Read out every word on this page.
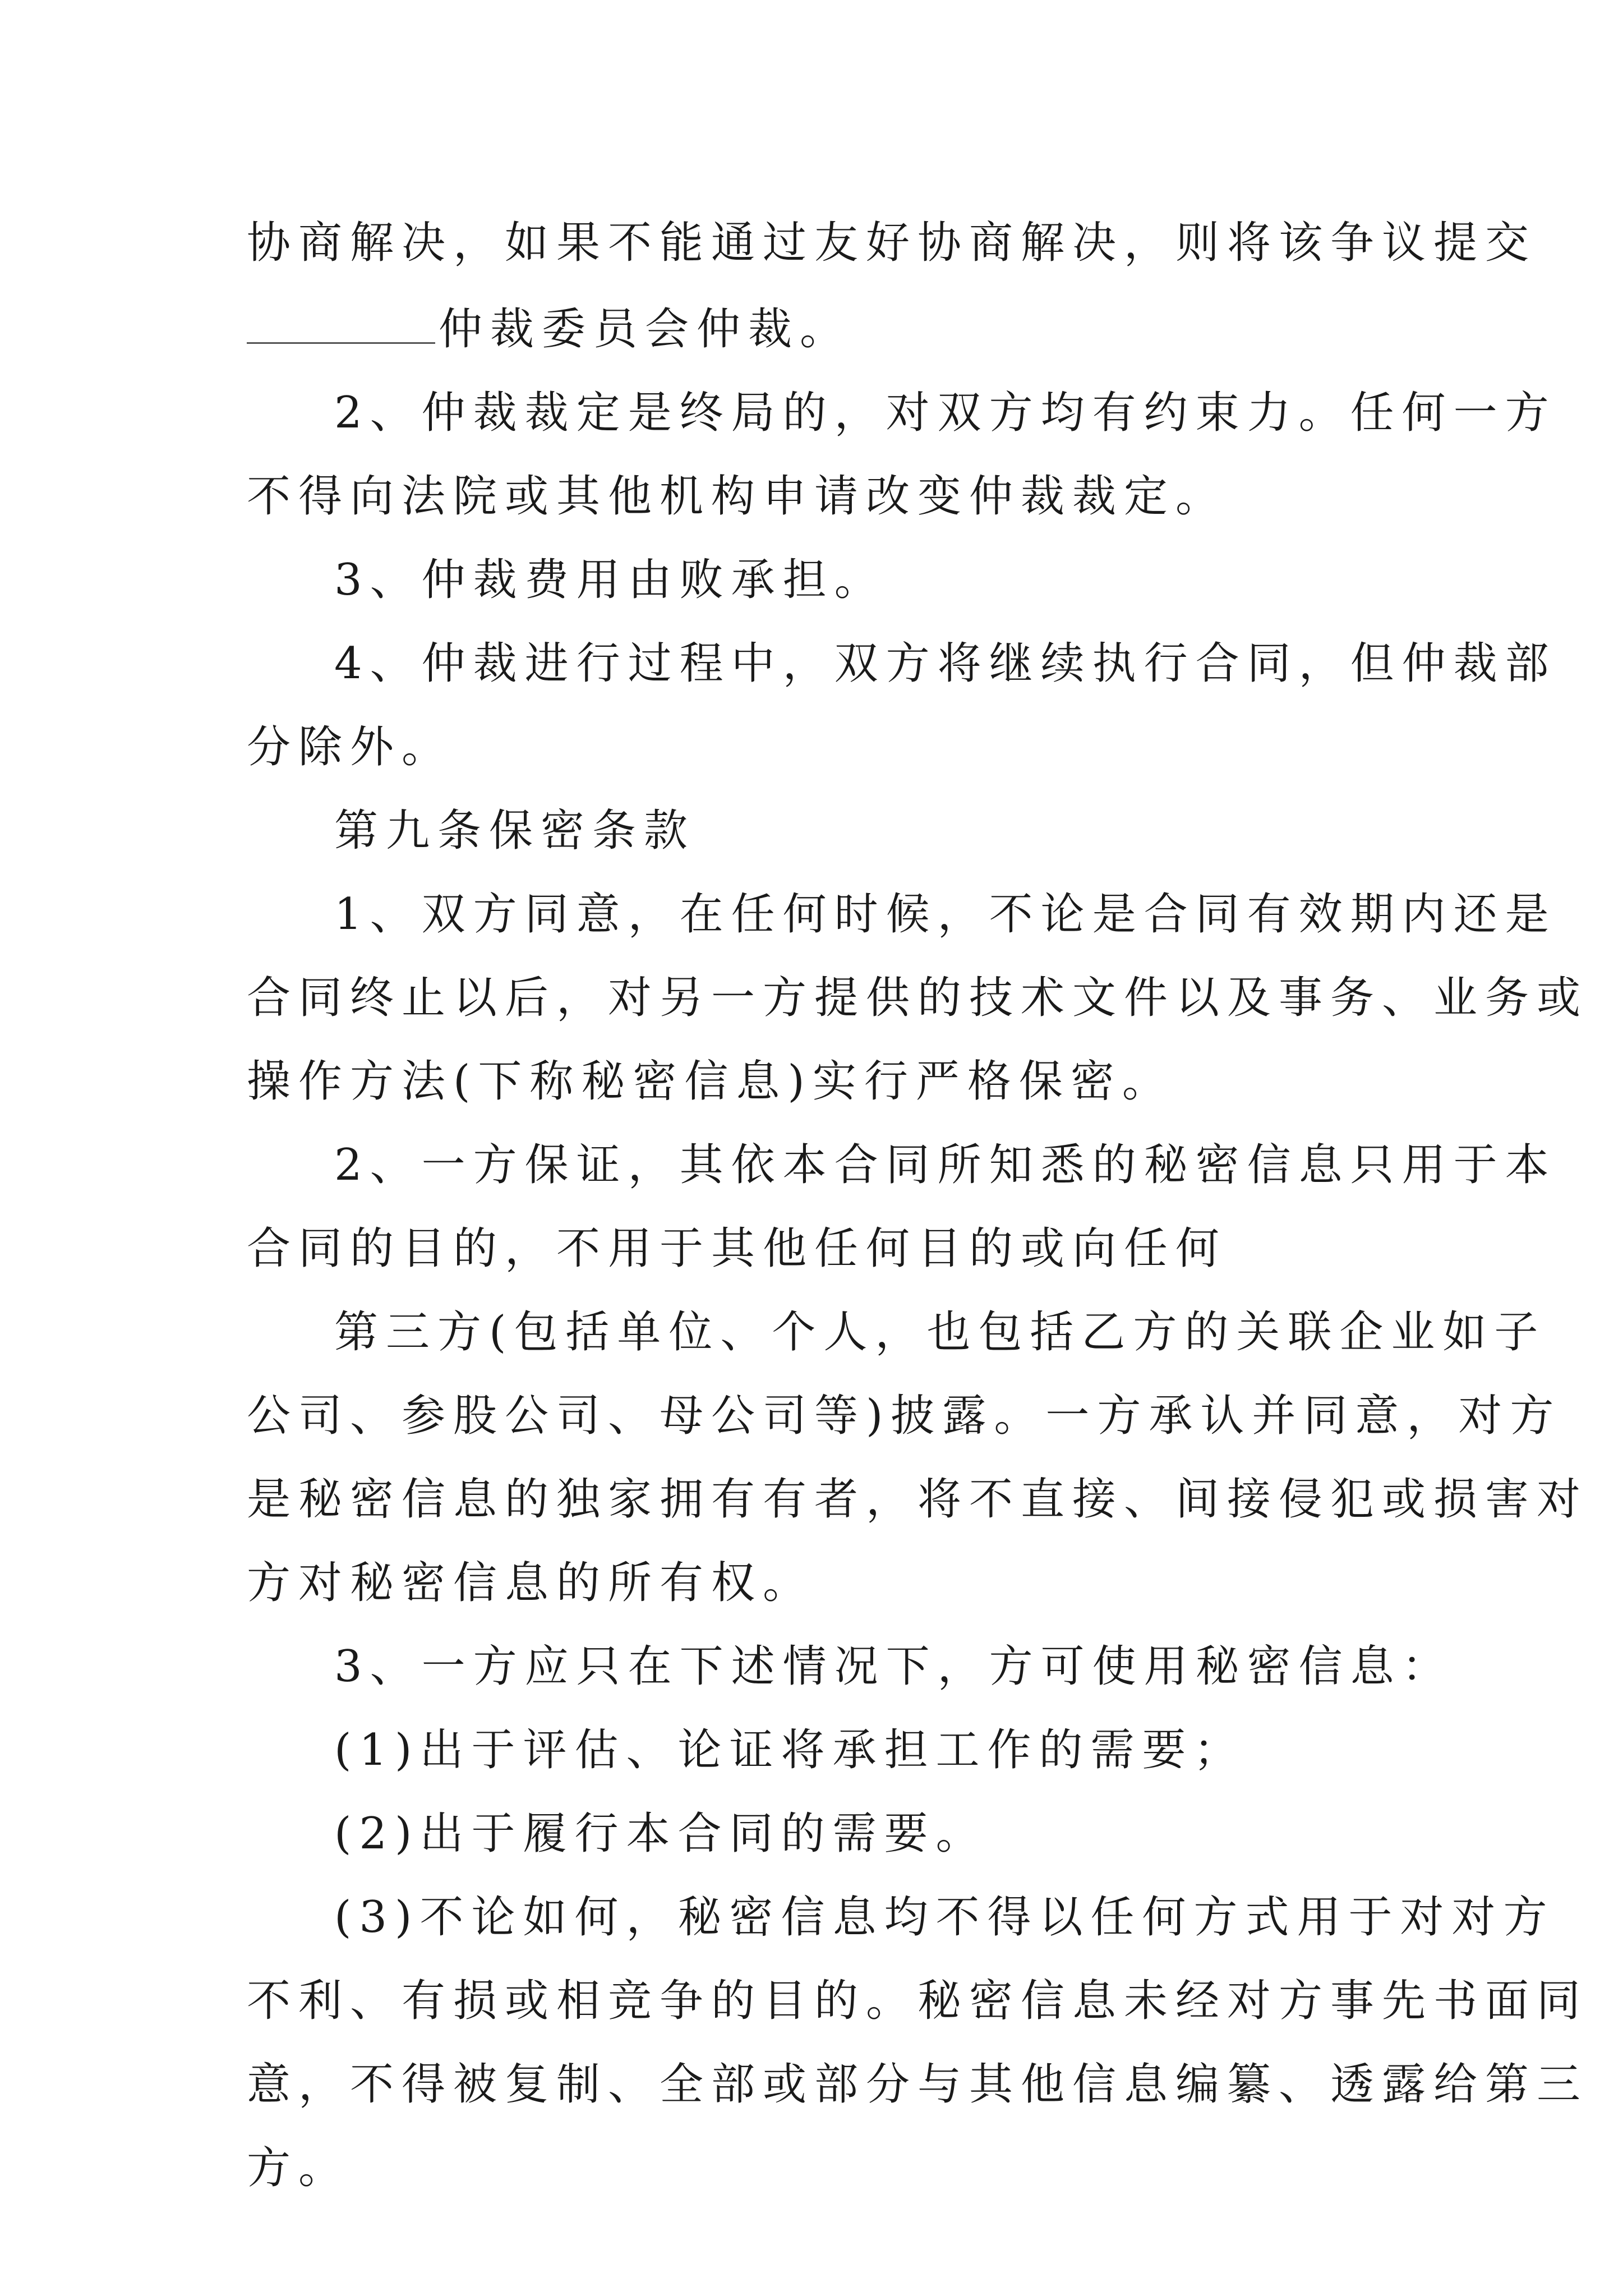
协商解决，如果不能通过友好协商解决，则将该争议提交

仲裁委员会仲裁。

2、仲裁裁定是终局的，对双方均有约束力。任何一方

不得向法院或其他机构申请改变仲裁裁定。

3、仲裁费用由败承担。

4、仲裁进行过程中，双方将继续执行合同，但仲裁部

分除外。

第九条保密条款

1、双方同意，在任何时候，不论是合同有效期内还是

合同终止以后，对另一方提供的技术文件以及事务、业务或

操作方法(下称秘密信息)实行严格保密。

2、一方保证，其依本合同所知悉的秘密信息只用于本

合同的目的，不用于其他任何目的或向任何

第三方(包括单位、个人，也包括乙方的关联企业如子

公司、参股公司、母公司等)披露。一方承认并同意，对方

是秘密信息的独家拥有有者，将不直接、间接侵犯或损害对

方对秘密信息的所有权。

3、一方应只在下述情况下，方可使用秘密信息：

(1)出于评估、论证将承担工作的需要；

(2)出于履行本合同的需要。

(3)不论如何，秘密信息均不得以任何方式用于对对方

不利、有损或相竞争的目的。秘密信息未经对方事先书面同

意，不得被复制、全部或部分与其他信息编纂、透露给第三

方。
